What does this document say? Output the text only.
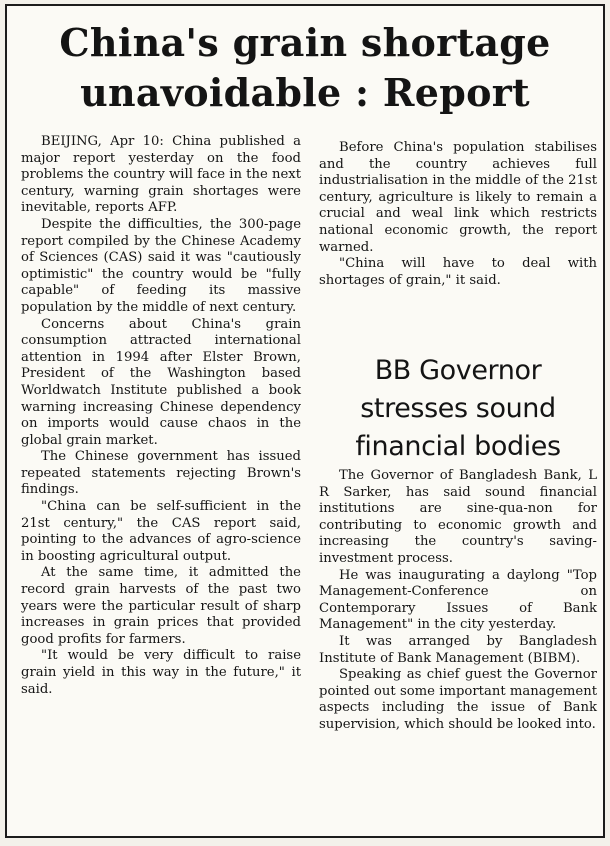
China's grain shortage
unavoidable : Report

BEIJING, Apr 10: China published a major report yesterday on the food problems the country will face in the next century, warning grain shortages were inevitable, reports AFP.

Despite the difficulties, the 300-page report compiled by the Chinese Academy of Sciences (CAS) said it was "cautiously optimistic" the country would be "fully capable" of feeding its massive population by the middle of next century.

Concerns about China's grain consumption attracted international attention in 1994 after Elster Brown, President of the Washington based Worldwatch Institute published a book warning increasing Chinese dependency on imports would cause chaos in the global grain market.

The Chinese government has issued repeated statements rejecting Brown's findings.

"China can be self-sufficient in the 21st century," the CAS report said, pointing to the advances of agro-science in boosting agricultural output.

At the same time, it admitted the record grain harvests of the past two years were the particular result of sharp increases in grain prices that provided good profits for farmers.

"It would be very difficult to raise grain yield in this way in the future," it said.

Before China's population stabilises and the country achieves full industrialisation in the middle of the 21st century, agriculture is likely to remain a crucial and weal link which restricts national economic growth, the report warned.

"China will have to deal with shortages of grain," it said.

BB Governor
stresses sound
financial bodies

The Governor of Bangladesh Bank, L R Sarker, has said sound financial institutions are sine-qua-non for contributing to economic growth and increasing the country's saving-investment process.

He was inaugurating a daylong "Top Management-Conference on Contemporary Issues of Bank Management" in the city yesterday.

It was arranged by Bangladesh Institute of Bank Management (BIBM).

Speaking as chief guest the Governor pointed out some important management aspects including the issue of Bank supervision, which should be looked into.
